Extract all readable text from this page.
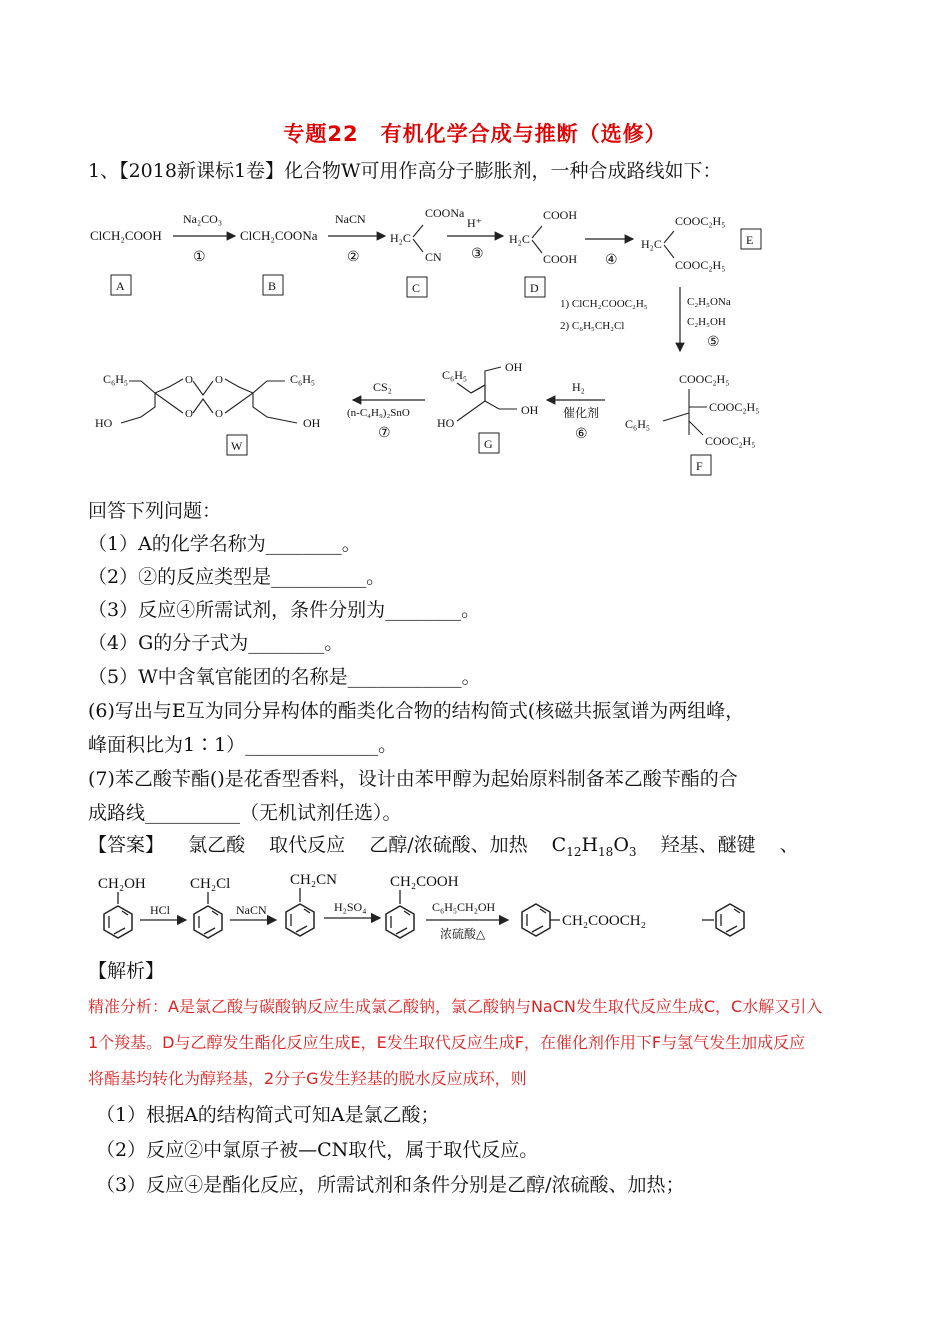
专题22　有机化学合成与推断（选修）
1、【2018新课标1卷】化合物W可用作高分子膨胀剂，一种合成路线如下：
ClCH₂COOH
Na₂CO₃
①
ClCH₂COONa
NaCN
②
COONa
H₂C
CN
H⁺
③
COOH
H₂C
COOH ④
COOC₂H₅
H₂C
COOC₂H₅
E
A	B	C	D
1) ClCH₂COOC₂H₅
2) C₆H₅CH₂Cl
C₂H₅ONa
C₂H₅OH
⑤
COOC₂H₅
COOC₂H₅
COOC₂H₅
C₆H₅
F
H₂
催化剂
⑥
C₆H₅
OH
OH
HO
G
CS₂
(n-C₄H₉)₂SnO
⑦
C₆H₅	C₆H₅
HO	OH
O
O
O
O
W
回答下列问题：
（1）A的化学名称为________。
（2）②的反应类型是__________。
（3）反应④所需试剂，条件分别为________。
（4）G的分子式为________。
（5）W中含氧官能团的名称是____________。
(6)写出与E互为同分异构体的酯类化合物的结构简式(核磁共振氢谱为两组峰，
峰面积比为1∶1）______________。
(7)苯乙酸苄酯()是花香型香料，设计由苯甲醇为起始原料制备苯乙酸苄酯的合
成路线__________（无机试剂任选）。
【答案】 氯乙酸 取代反应 乙醇/浓硫酸、加热 $C_{12}H_{18}O_3$ 羟基、醚键 、
CH₂OH
HCl
CH₂Cl
NaCN
CH₂CN
H₂SO₄
CH₂COOH
C₆H₅CH₂OH
浓硫酸△
CH₂COOCH₂
【解析】
精准分析：A是氯乙酸与碳酸钠反应生成氯乙酸钠，氯乙酸钠与NaCN发生取代反应生成C，C水解又引入
1个羧基。D与乙醇发生酯化反应生成E，E发生取代反应生成F，在催化剂作用下F与氢气发生加成反应
将酯基均转化为醇羟基，2分子G发生羟基的脱水反应成环，则
（1）根据A的结构简式可知A是氯乙酸；
（2）反应②中氯原子被—CN取代，属于取代反应。
（3）反应④是酯化反应，所需试剂和条件分别是乙醇/浓硫酸、加热；
